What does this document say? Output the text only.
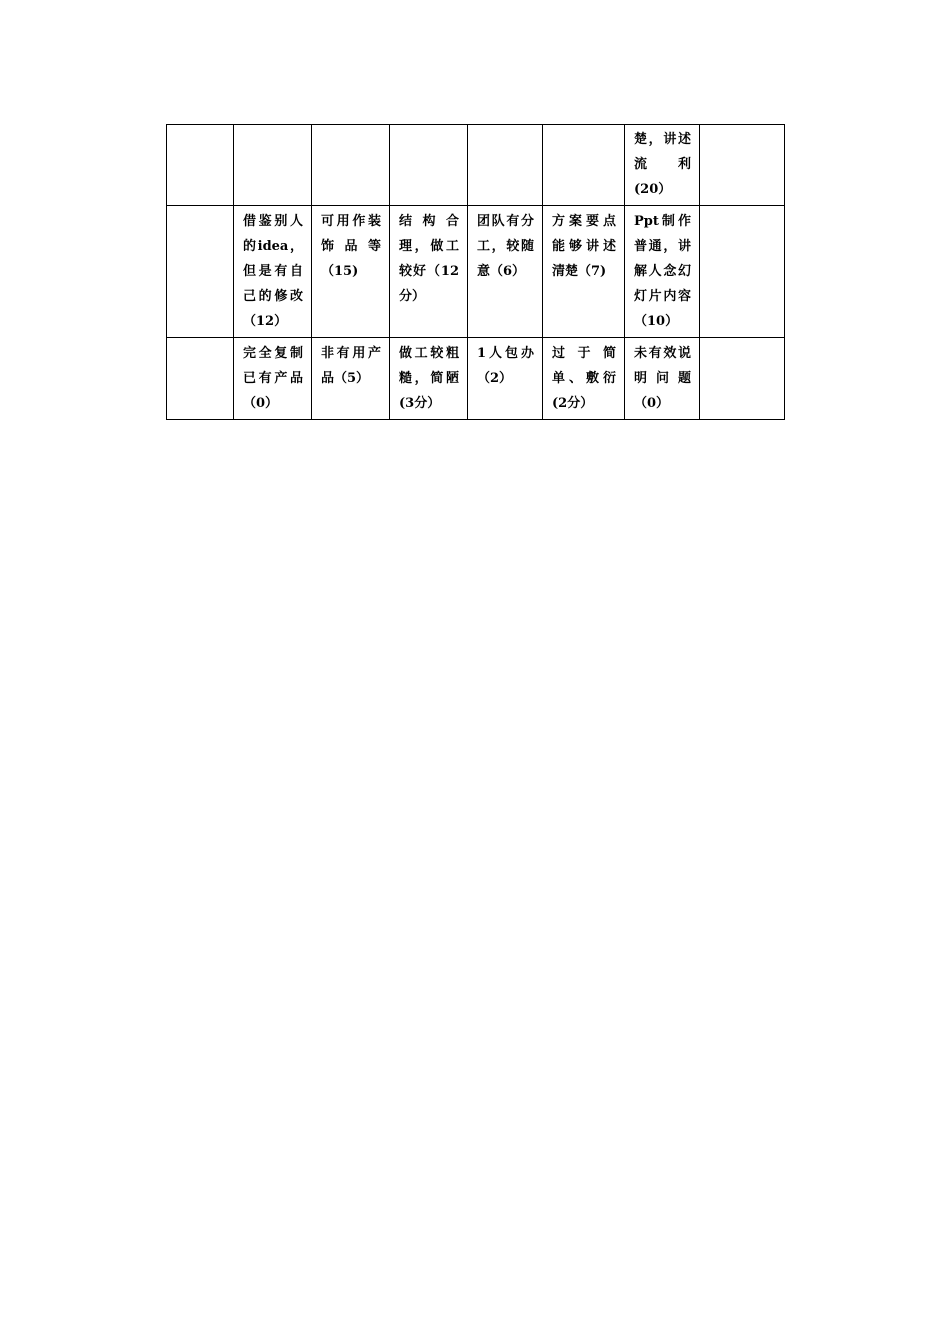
						楚，讲述流　　利(20）	
	借鉴别人的idea，但是有自己的修改（12）	可用作装饰品等（15)	结构合理，做工较好（12分）	团队有分工，较随意（6）	方案要点能够讲述清楚（7)	Ppt制作普通，讲解人念幻灯片内容（10）	
	完全复制已有产品（0）	非有用产品（5）	做工较粗糙，简陋(3分）	1人包办（2）	过于简单、敷衍(2分）	未有效说明问题（0）	
